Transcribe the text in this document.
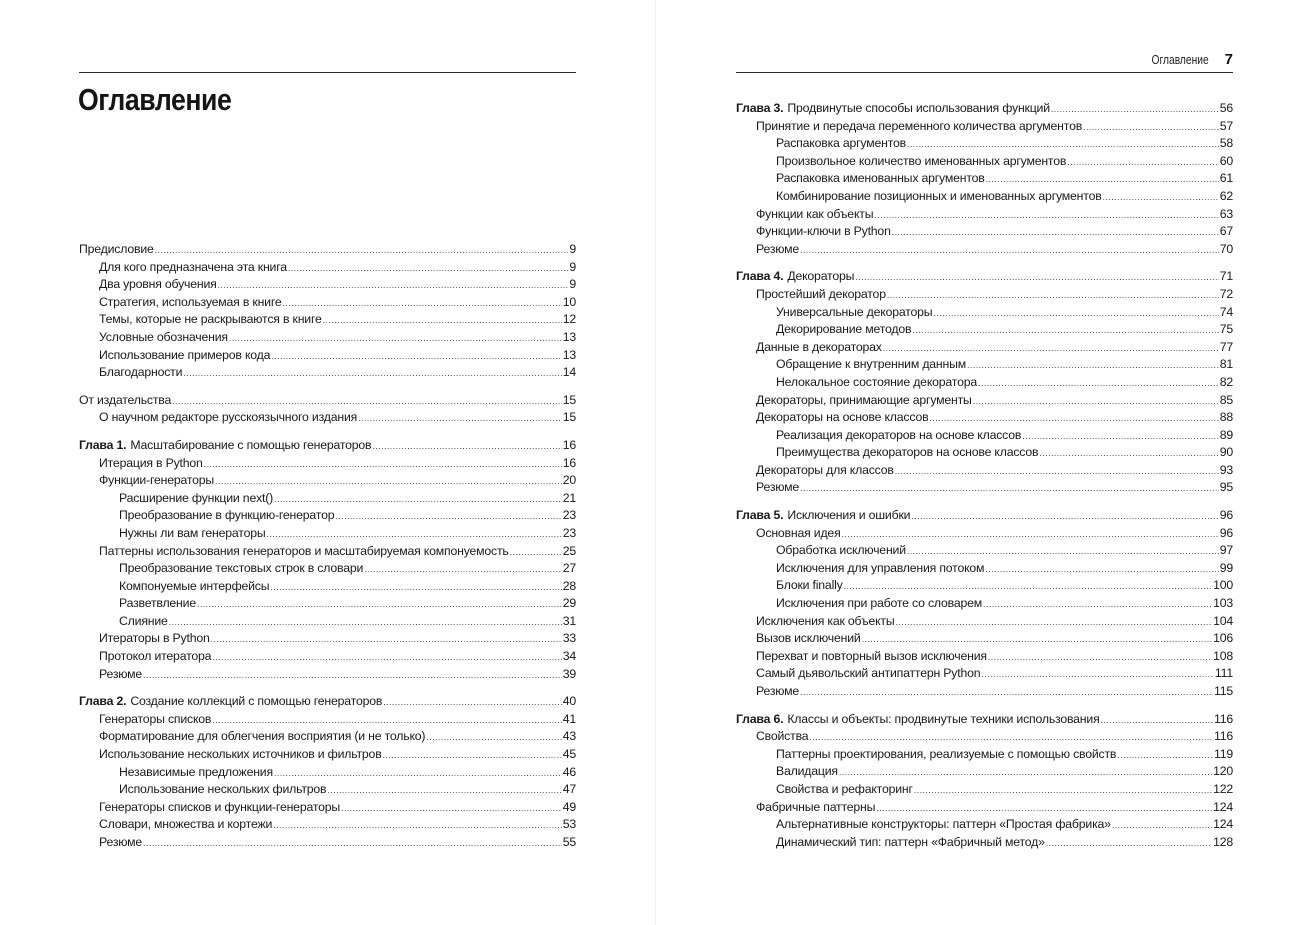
Оглавление
Предисловие .....	9
Для кого предназначена эта книга .....	9
Два уровня обучения .....	9
Стратегия, используемая в книге .....	10
Темы, которые не раскрываются в книге .....	12
Условные обозначения .....	13
Использование примеров кода .....	13
Благодарности .....	14
От издательства .....	15
О научном редакторе русскоязычного издания .....	15
Глава 1. Масштабирование с помощью генераторов .....	16
Итерация в Python .....	16
Функции-генераторы .....	20
Расширение функции next() .....	21
Преобразование в функцию-генератор .....	23
Нужны ли вам генераторы .....	23
Паттерны использования генераторов и масштабируемая компонуемость .....	25
Преобразование текстовых строк в словари .....	27
Компонуемые интерфейсы .....	28
Разветвление .....	29
Слияние .....	31
Итераторы в Python .....	33
Протокол итератора .....	34
Резюме .....	39
Глава 2. Создание коллекций с помощью генераторов .....	40
Генераторы списков .....	41
Форматирование для облегчения восприятия (и не только) .....	43
Использование нескольких источников и фильтров .....	45
Независимые предложения .....	46
Использование нескольких фильтров .....	47
Генераторы списков и функции-генераторы .....	49
Словари, множества и кортежи .....	53
Резюме .....	55
Оглавление 7
Глава 3. Продвинутые способы использования функций .....	56
Принятие и передача переменного количества аргументов .....	57
Распаковка аргументов .....	58
Произвольное количество именованных аргументов .....	60
Распаковка именованных аргументов .....	61
Комбинирование позиционных и именованных аргументов .....	62
Функции как объекты .....	63
Функции-ключи в Python .....	67
Резюме .....	70
Глава 4. Декораторы .....	71
Простейший декоратор .....	72
Универсальные декораторы .....	74
Декорирование методов .....	75
Данные в декораторах .....	77
Обращение к внутренним данным .....	81
Нелокальное состояние декоратора .....	82
Декораторы, принимающие аргументы .....	85
Декораторы на основе классов .....	88
Реализация декораторов на основе классов .....	89
Преимущества декораторов на основе классов .....	90
Декораторы для классов .....	93
Резюме .....	95
Глава 5. Исключения и ошибки .....	96
Основная идея .....	96
Обработка исключений .....	97
Исключения для управления потоком .....	99
Блоки finally .....	100
Исключения при работе со словарем .....	103
Исключения как объекты .....	104
Вызов исключений .....	106
Перехват и повторный вызов исключения .....	108
Самый дьявольский антипаттерн Python .....	111
Резюме .....	115
Глава 6. Классы и объекты: продвинутые техники использования .....	116
Свойства .....	116
Паттерны проектирования, реализуемые с помощью свойств .....	119
Валидация .....	120
Свойства и рефакторинг .....	122
Фабричные паттерны .....	124
Альтернативные конструкторы: паттерн «Простая фабрика» .....	124
Динамический тип: паттерн «Фабричный метод» .....	128
